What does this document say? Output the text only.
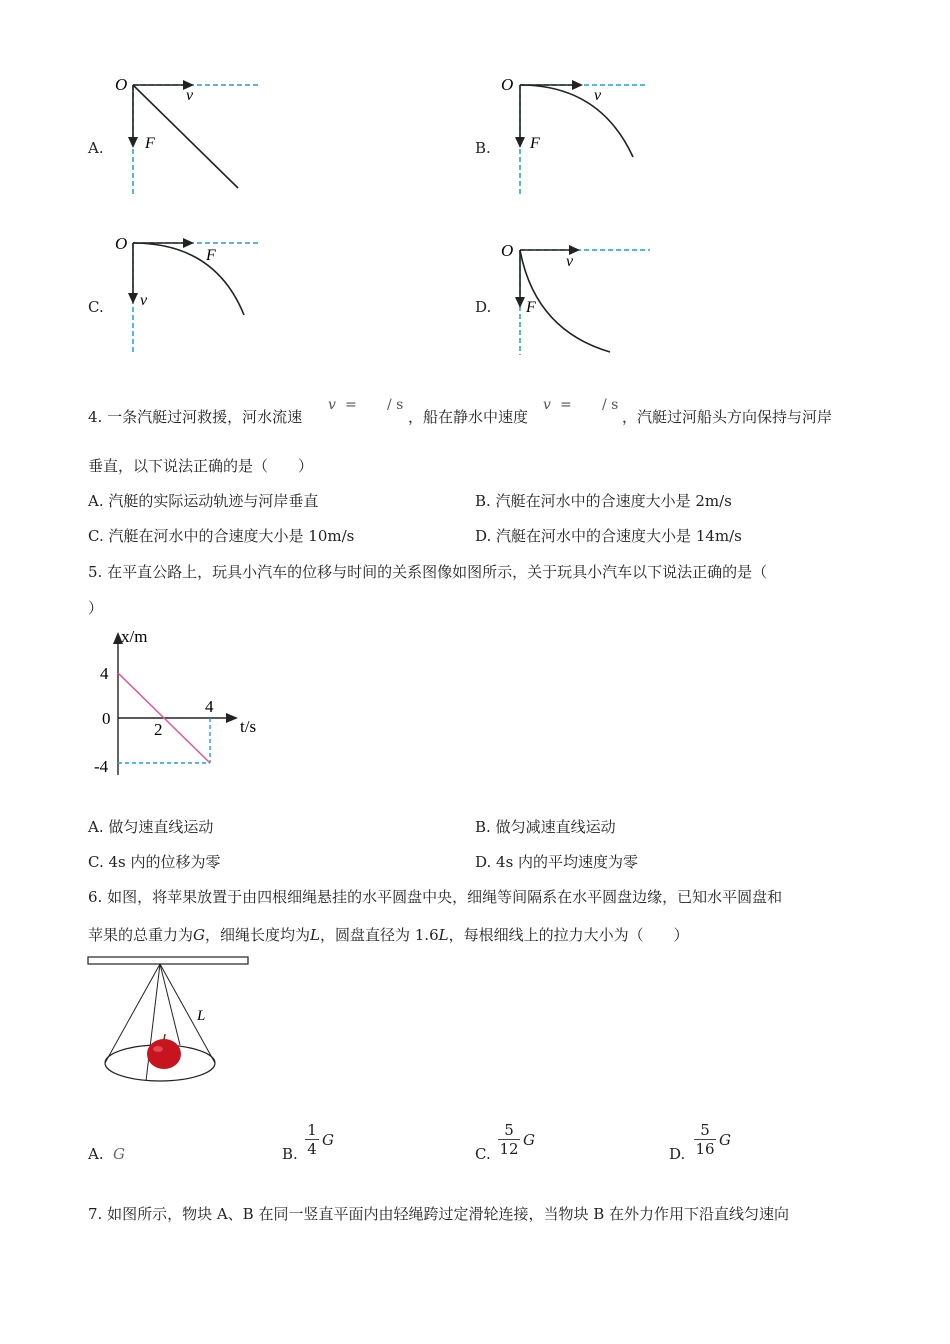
A.
O
v
F	B.
O
v
F
C.
O
F
v	D.
O
v
F
4. 一条汽艇过河救援，河水流速
v = / s
，船在静水中速度
v = / s
，汽艇过河船头方向保持与河岸
垂直，以下说法正确的是（　　）
A. 汽艇的实际运动轨迹与河岸垂直	B. 汽艇在河水中的合速度大小是 2m/s
C. 汽艇在河水中的合速度大小是 10m/s	D. 汽艇在河水中的合速度大小是 14m/s
5. 在平直公路上，玩具小汽车的位移与时间的关系图像如图所示，关于玩具小汽车以下说法正确的是（
）
x/m
t/s
4
0
-4
2
4
A. 做匀速直线运动	B. 做匀减速直线运动
C. 4s 内的位移为零	D. 4s 内的平均速度为零
6. 如图，将苹果放置于由四根细绳悬挂的水平圆盘中央，细绳等间隔系在水平圆盘边缘，已知水平圆盘和
苹果的总重力为G，细绳长度均为L，圆盘直径为 1.6L，每根细线上的拉力大小为（　　）
L
A. G	B.
1
4 G
C.
5
12 G
D.
5
16 G
7. 如图所示，物块 A、B 在同一竖直平面内由轻绳跨过定滑轮连接，当物块 B 在外力作用下沿直线匀速向
